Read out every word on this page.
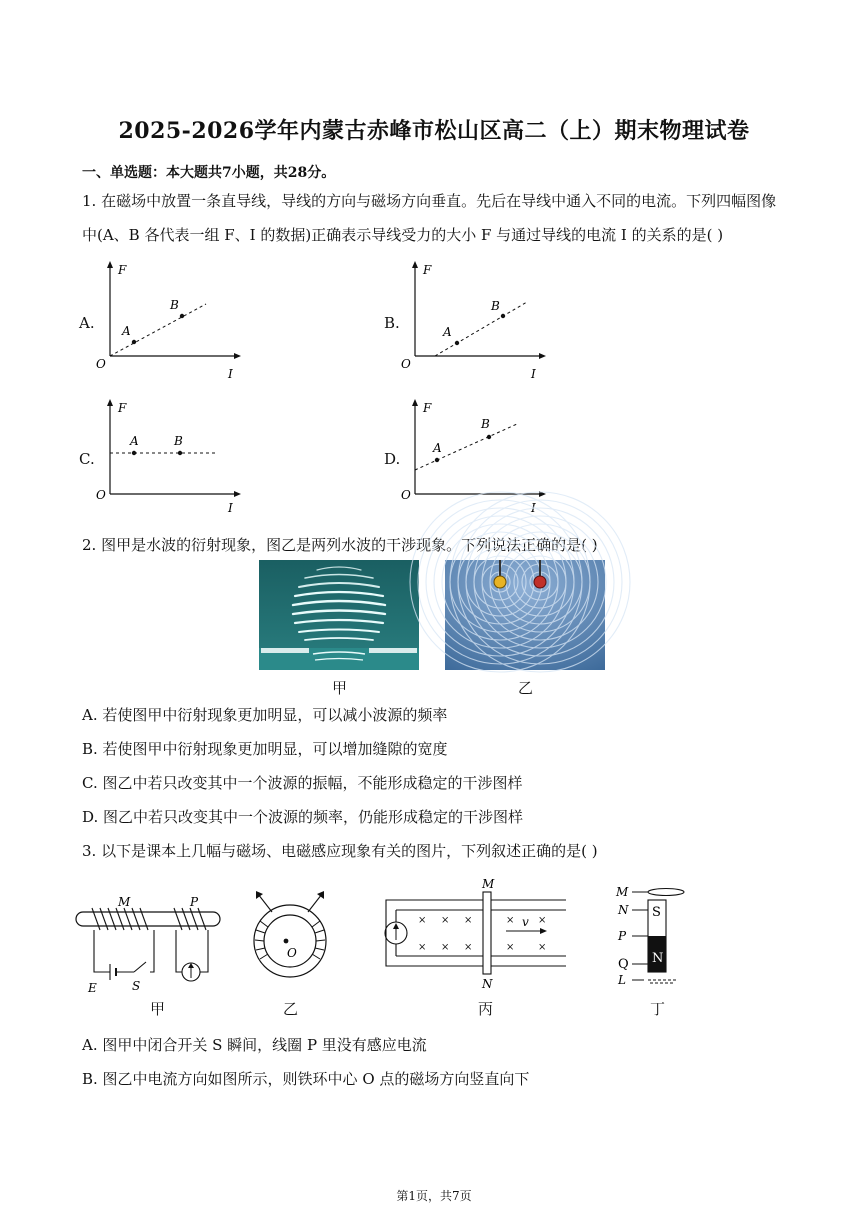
2025-2026学年内蒙古赤峰市松山区高二（上）期末物理试卷
一、单选题：本大题共7小题，共28分。
1. 在磁场中放置一条直导线，导线的方向与磁场方向垂直。先后在导线中通入不同的电流。下列四幅图像
中(A、B 各代表一组 F、I 的数据)正确表示导线受力的大小 F 与通过导线的电流 I 的关系的是( )
A.
F
O
I
A
B
B.
F
O
I
A
B
C.
F
O
I
A	B
D.
F
O
I
A
B
2. 图甲是水波的衍射现象，图乙是两列水波的干涉现象。下列说法正确的是( )
甲	乙
A. 若使图甲中衍射现象更加明显，可以减小波源的频率
B. 若使图甲中衍射现象更加明显，可以增加缝隙的宽度
C. 图乙中若只改变其中一个波源的振幅，不能形成稳定的干涉图样
D. 图乙中若只改变其中一个波源的频率，仍能形成稳定的干涉图样
3. 以下是课本上几幅与磁场、电磁感应现象有关的图片，下列叙述正确的是( )
M	P
E	S
O
× × ×
× × ×
× ×
× ×
v
M
N
M
N
P
Q
L
S
N
甲	乙	丙	丁
A. 图甲中闭合开关 S 瞬间，线圈 P 里没有感应电流
B. 图乙中电流方向如图所示，则铁环中心 O 点的磁场方向竖直向下
第1页，共7页
